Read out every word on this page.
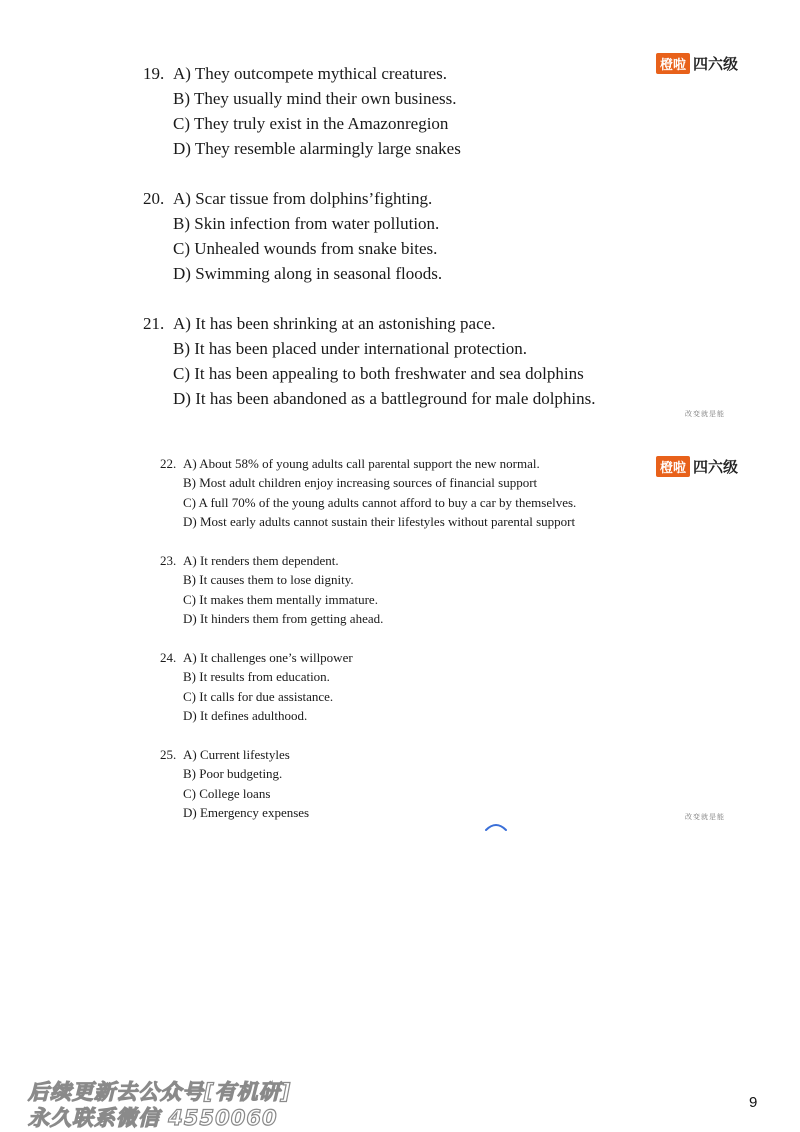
橙啦 四六级
橙啦 四六级
19. A) They outcompete mythical creatures.
B) They usually mind their own business.
C) They truly exist in the Amazonregion
D) They resemble alarmingly large snakes
20. A) Scar tissue from dolphins’fighting.
B) Skin infection from water pollution.
C) Unhealed wounds from snake bites.
D) Swimming along in seasonal floods.
21. A) It has been shrinking at an astonishing pace.
B) It has been placed under international protection.
C) It has been appealing to both freshwater and sea dolphins
D) It has been abandoned as a battleground for male dolphins.
改变就是能
22. A) About 58% of young adults call parental support the new normal.
B) Most adult children enjoy increasing sources of financial support
C) A full 70% of the young adults cannot afford to buy a car by themselves.
D) Most early adults cannot sustain their lifestyles without parental support
23. A) It renders them dependent.
B) It causes them to lose dignity.
C) It makes them mentally immature.
D) It hinders them from getting ahead.
24. A) It challenges one’s willpower
B) It results from education.
C) It calls for due assistance.
D) It defines adulthood.
25. A) Current lifestyles
B) Poor budgeting.
C) College loans
D) Emergency expenses	改变就是能
后续更新去公众号[有机研]
永久联系微信 4550060
9
